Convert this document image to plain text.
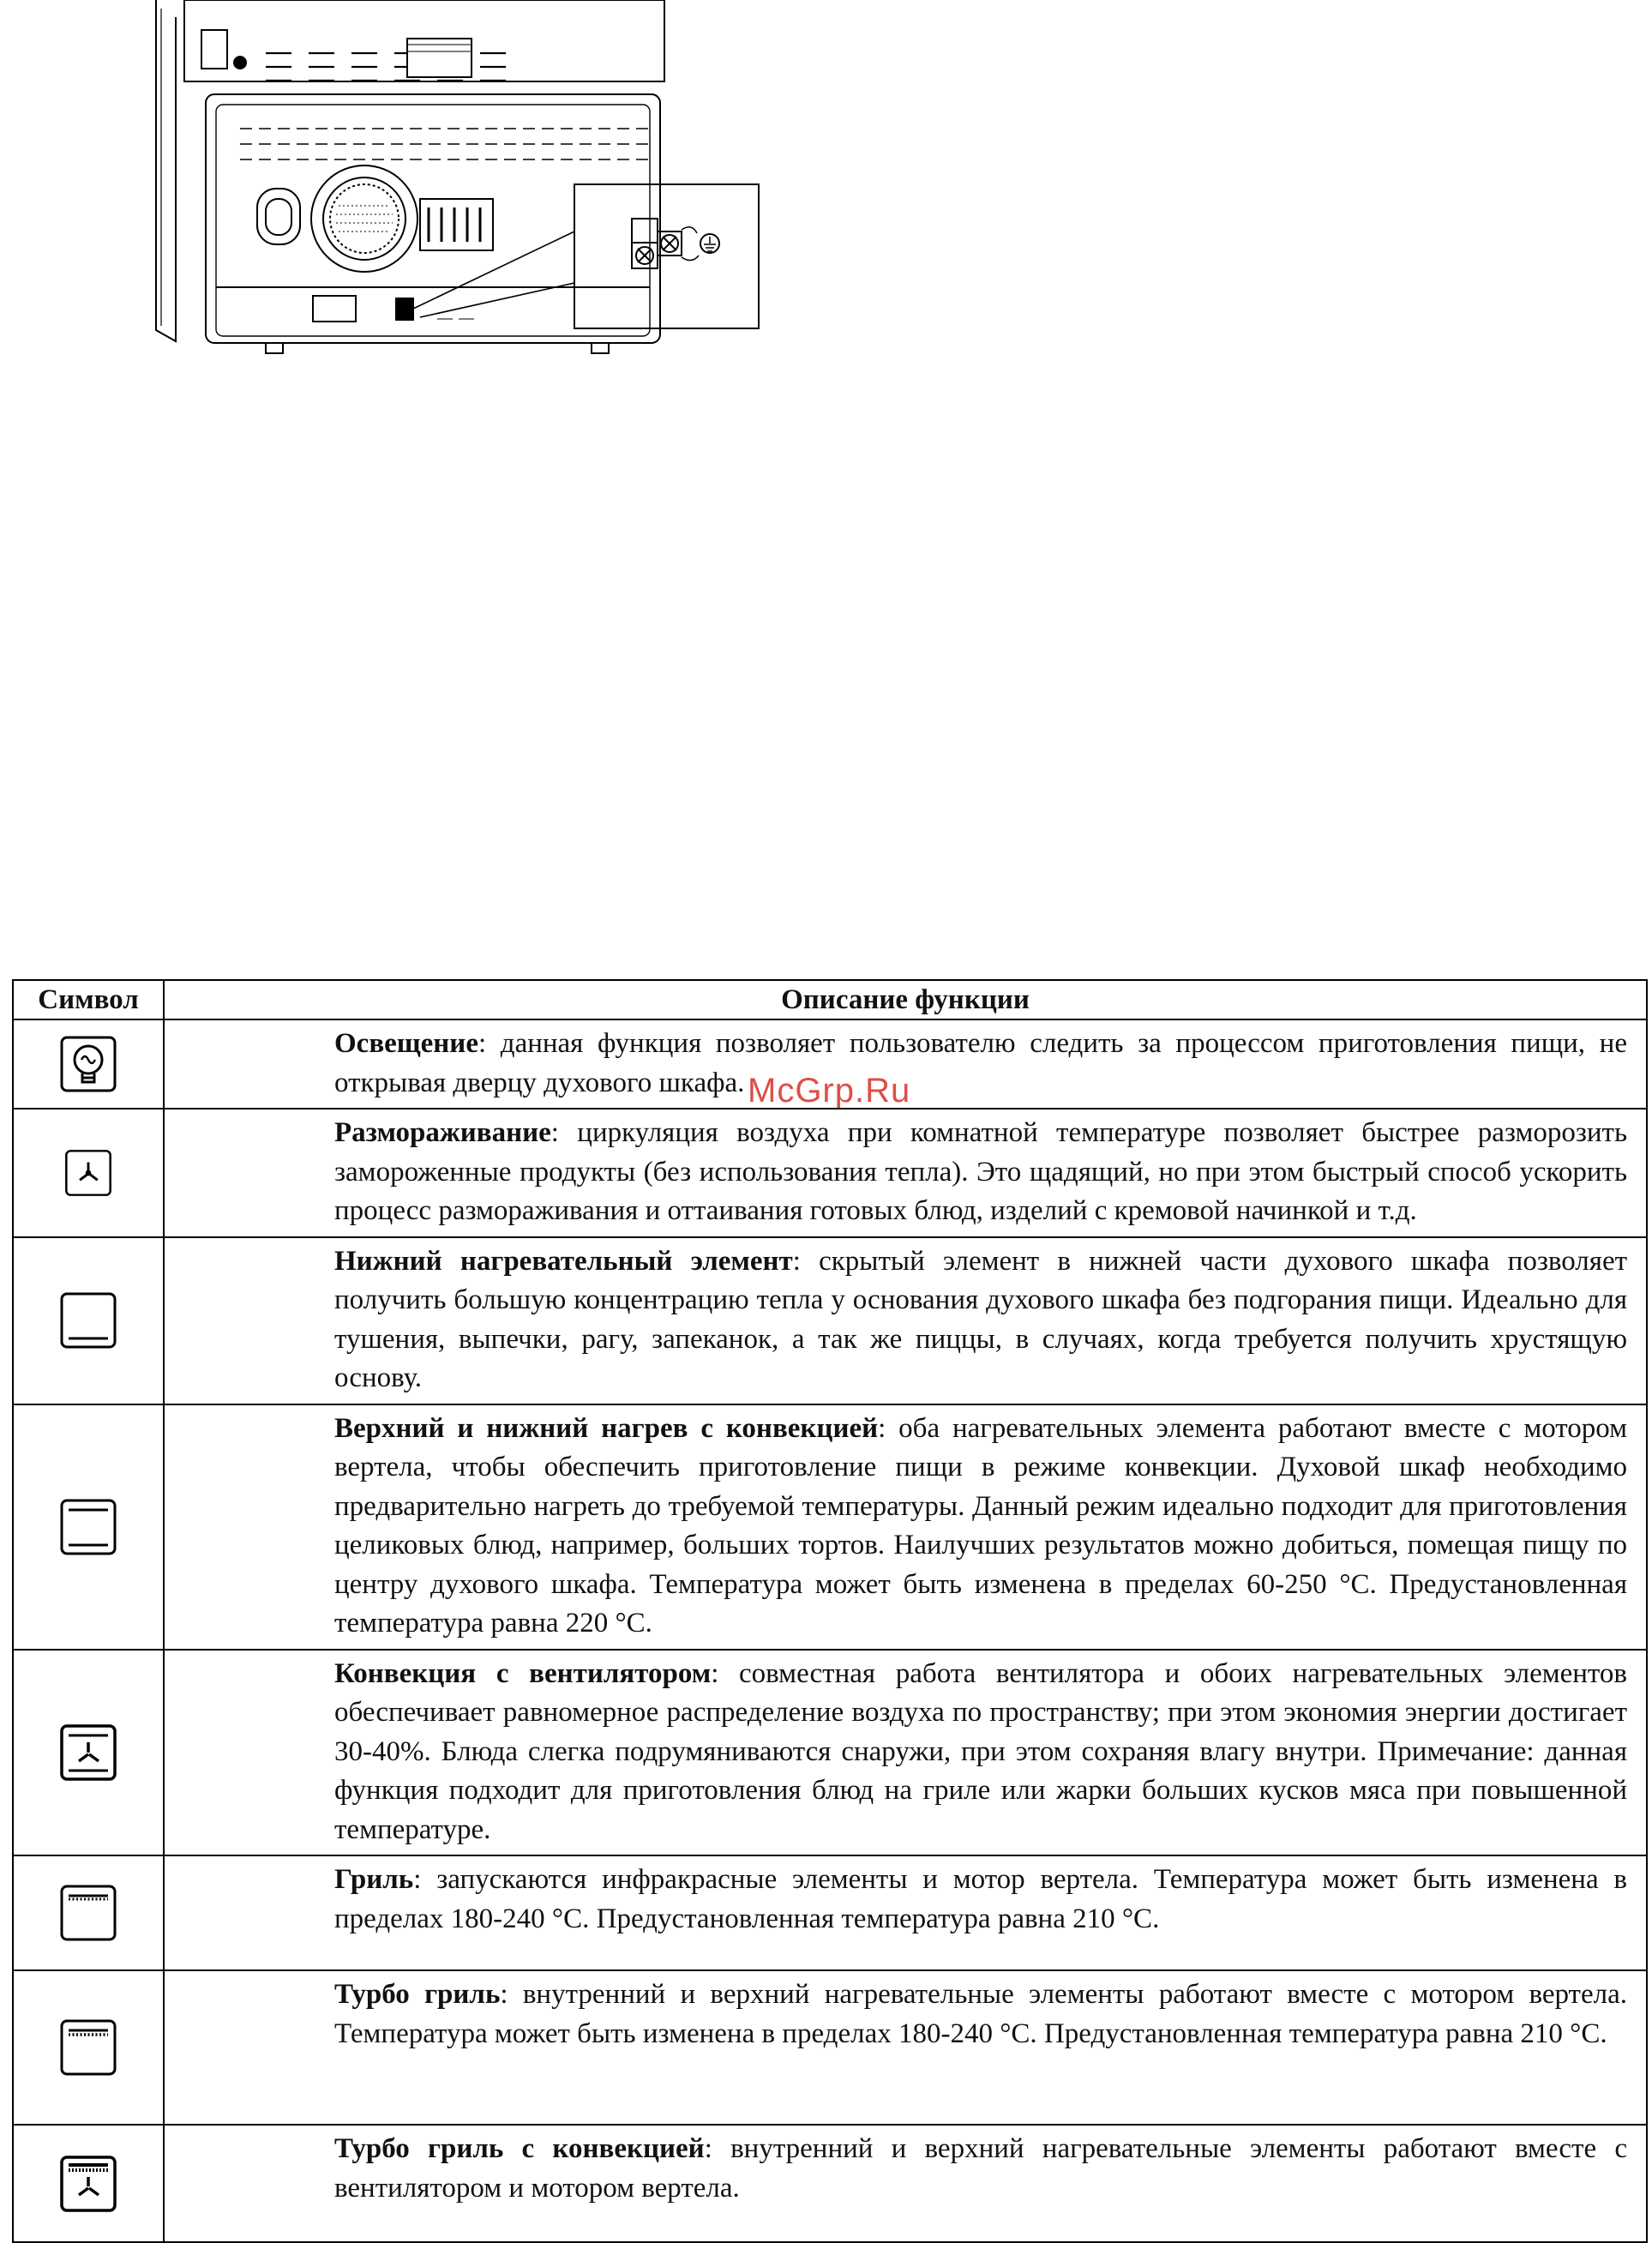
McGrp.Ru
Символ	Описание функции

	Освещение: данная функция позволяет пользователю следить за процессом приготовления пищи, не открывая дверцу духового шкафа.

	Размораживание: циркуляция воздуха при комнатной температуре позволяет быстрее разморозить замороженные продукты (без использования тепла). Это щадящий, но при этом быстрый способ ускорить процесс размораживания и оттаивания готовых блюд, изделий с кремовой начинкой и т.д.

	Нижний нагревательный элемент: скрытый элемент в нижней части духового шкафа позволяет получить большую концентрацию тепла у основания духового шкафа без подгорания пищи. Идеально для тушения, выпечки, рагу, запеканок, а так же пиццы, в случаях, когда требуется получить хрустящую основу.

	Верхний и нижний нагрев с конвекцией: оба нагревательных элемента работают вместе с мотором вертела, чтобы обеспечить приготовление пищи в режиме конвекции. Духовой шкаф необходимо предварительно нагреть до требуемой температуры. Данный режим идеально подходит для приготовления целиковых блюд, например, больших тортов. Наилучших результатов можно добиться, помещая пищу по центру духового шкафа. Температура может быть изменена в пределах 60-250 °C. Предустановленная температура равна 220 °C.

	Конвекция с вентилятором: совместная работа вентилятора и обоих нагревательных элементов обеспечивает равномерное распределение воздуха по пространству; при этом экономия энергии достигает 30-40%. Блюда слегка подрумяниваются снаружи, при этом сохраняя влагу внутри. Примечание: данная функция подходит для приготовления блюд на гриле или жарки больших кусков мяса при повышенной температуре.

	Гриль: запускаются инфракрасные элементы и мотор вертела. Температура может быть изменена в пределах 180-240 °C. Предустановленная температура равна 210 °C.

	Турбо гриль: внутренний и верхний нагревательные элементы работают вместе с мотором вертела. Температура может быть изменена в пределах 180-240 °C. Предустановленная температура равна 210 °C.

	Турбо гриль с конвекцией: внутренний и верхний нагревательные элементы работают вместе с вентилятором и мотором вертела.
